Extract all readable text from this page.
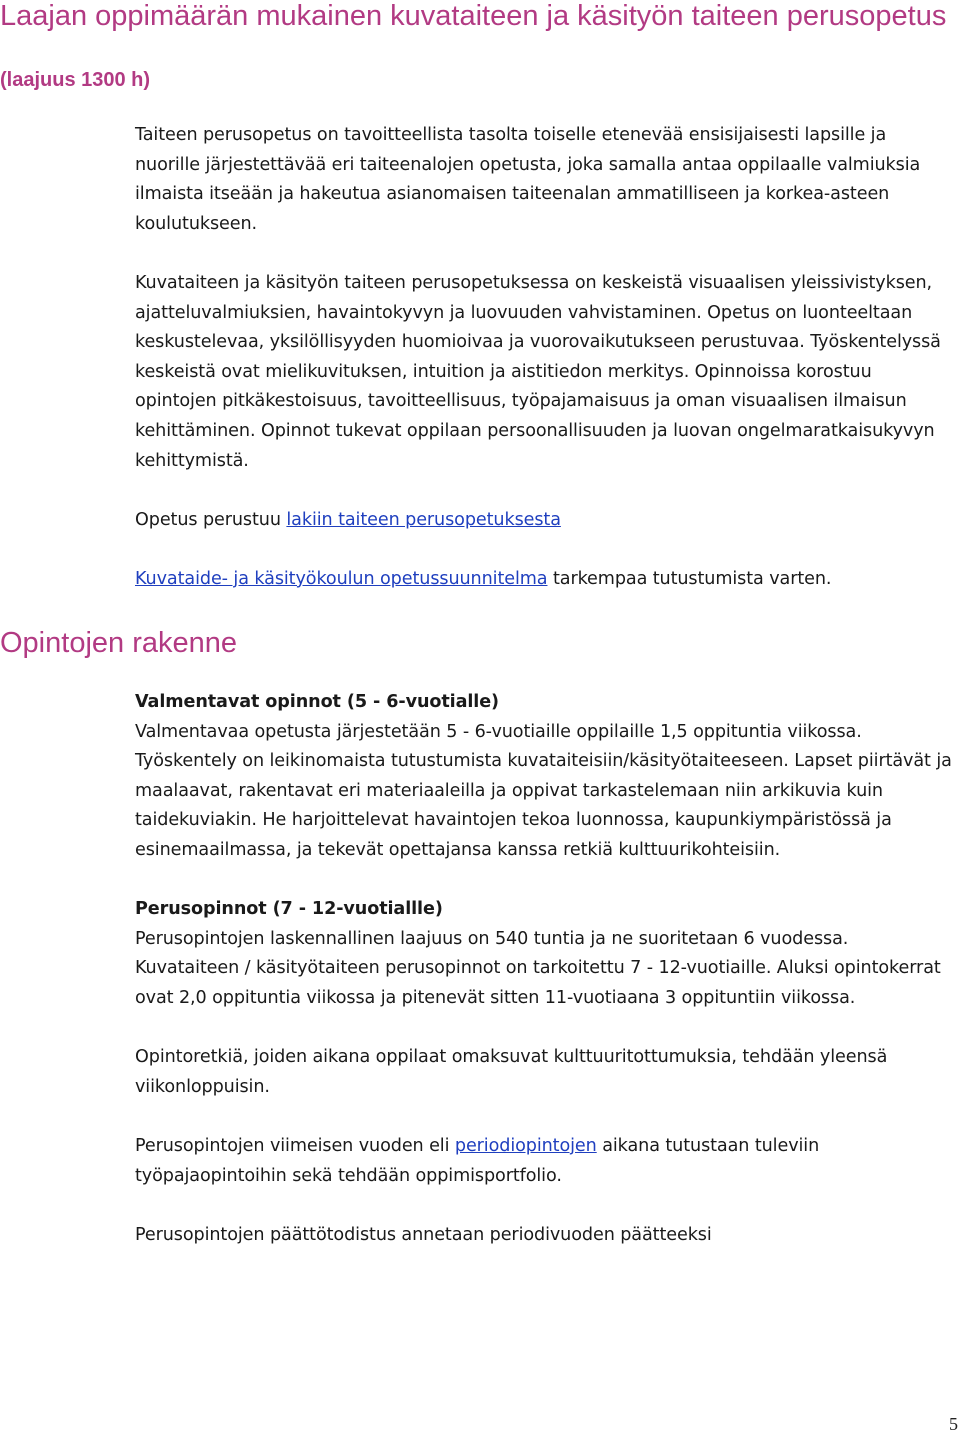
Laajan oppimäärän mukainen kuvataiteen ja käsityön taiteen perusopetus
(laajuus 1300 h)

Taiteen perusopetus on tavoitteellista tasolta toiselle etenevää ensisijaisesti lapsille ja nuorille järjestettävää eri taiteenalojen opetusta, joka samalla antaa oppilaalle valmiuksia ilmaista itseään ja hakeutua asianomaisen taiteenalan ammatilliseen ja korkea-asteen koulutukseen.

Kuvataiteen ja käsityön taiteen perusopetuksessa on keskeistä visuaalisen yleissivistyksen, ajatteluvalmiuksien, havaintokyvyn ja luovuuden vahvistaminen. Opetus on luonteeltaan keskustelevaa, yksilöllisyyden huomioivaa ja vuorovaikutukseen perustuvaa. Työskentelyssä keskeistä ovat mielikuvituksen, intuition ja aistitiedon merkitys. Opinnoissa korostuu opintojen pitkäkestoisuus, tavoitteellisuus, työpajamaisuus ja oman visuaalisen ilmaisun kehittäminen. Opinnot tukevat oppilaan persoonallisuuden ja luovan ongelmaratkaisukyvyn kehittymistä.

Opetus perustuu lakiin taiteen perusopetuksesta

Kuvataide- ja käsityökoulun opetussuunnitelma tarkempaa tutustumista varten.

Opintojen rakenne

Valmentavat opinnot (5 - 6-vuotialle)

Valmentavaa opetusta järjestetään 5 - 6-vuotiaille oppilaille 1,5 oppituntia viikossa. Työskentely on leikinomaista tutustumista kuvataiteisiin/käsityötaiteeseen. Lapset piirtävät ja maalaavat, rakentavat eri materiaaleilla ja oppivat tarkastelemaan niin arkikuvia kuin taidekuviakin. He harjoittelevat havaintojen tekoa luonnossa, kaupunkiympäristössä ja esinemaailmassa, ja tekevät opettajansa kanssa retkiä kulttuurikohteisiin.

Perusopinnot (7 - 12-vuotiallle)

Perusopintojen laskennallinen laajuus on 540 tuntia ja ne suoritetaan 6 vuodessa. Kuvataiteen / käsityötaiteen perusopinnot on tarkoitettu 7 - 12-vuotiaille. Aluksi opintokerrat ovat 2,0 oppituntia viikossa ja pitenevät sitten 11-vuotiaana 3 oppituntiin viikossa.

Opintoretkiä, joiden aikana oppilaat omaksuvat kulttuuritottumuksia, tehdään yleensä viikonloppuisin.

Perusopintojen viimeisen vuoden eli periodiopintojen aikana tutustaan tuleviin työpajaopintoihin sekä tehdään oppimisportfolio.

Perusopintojen päättötodistus annetaan periodivuoden päätteeksi

5
